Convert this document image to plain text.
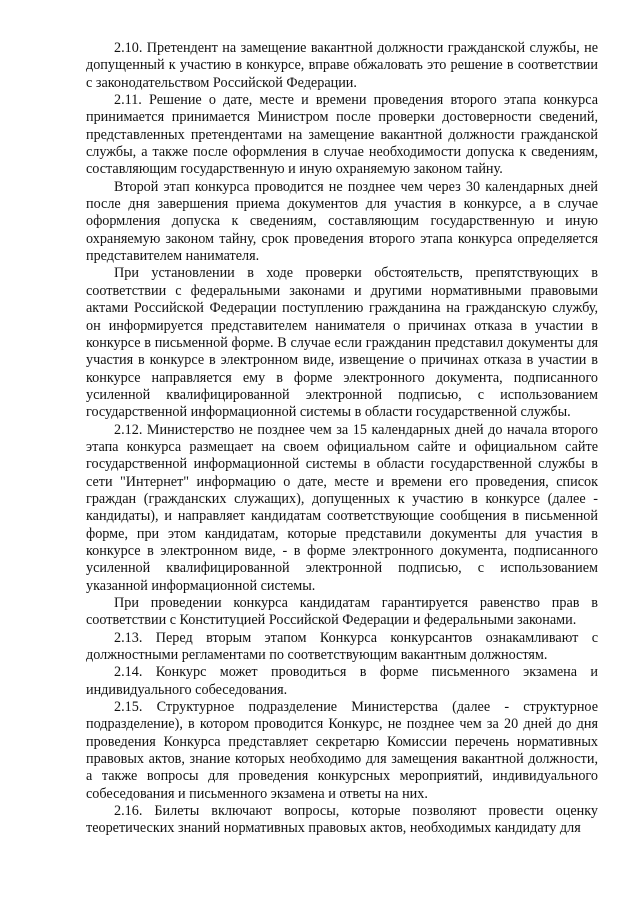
2.10. Претендент на замещение вакантной должности гражданской службы, не допущенный к участию в конкурсе, вправе обжаловать это решение в соответствии с законодательством Российской Федерации.

2.11. Решение о дате, месте и времени проведения второго этапа конкурса принимается принимается Министром после проверки достоверности сведений, представленных претендентами на замещение вакантной должности гражданской службы, а также после оформления в случае необходимости допуска к сведениям, составляющим государственную и иную охраняемую законом тайну.

Второй этап конкурса проводится не позднее чем через 30 календарных дней после дня завершения приема документов для участия в конкурсе, а в случае оформления допуска к сведениям, составляющим государственную и иную охраняемую законом тайну, срок проведения второго этапа конкурса определяется представителем нанимателя.

При установлении в ходе проверки обстоятельств, препятствующих в соответствии с федеральными законами и другими нормативными правовыми актами Российской Федерации поступлению гражданина на гражданскую службу, он информируется представителем нанимателя о причинах отказа в участии в конкурсе в письменной форме. В случае если гражданин представил документы для участия в конкурсе в электронном виде, извещение о причинах отказа в участии в конкурсе направляется ему в форме электронного документа, подписанного усиленной квалифицированной электронной подписью, с использованием государственной информационной системы в области государственной службы.

2.12. Министерство не позднее чем за 15 календарных дней до начала второго этапа конкурса размещает на своем официальном сайте и официальном сайте государственной информационной системы в области государственной службы в сети "Интернет" информацию о дате, месте и времени его проведения, список граждан (гражданских служащих), допущенных к участию в конкурсе (далее - кандидаты), и направляет кандидатам соответствующие сообщения в письменной форме, при этом кандидатам, которые представили документы для участия в конкурсе в электронном виде, - в форме электронного документа, подписанного усиленной квалифицированной электронной подписью, с использованием указанной информационной системы.

При проведении конкурса кандидатам гарантируется равенство прав в соответствии с Конституцией Российской Федерации и федеральными законами.

2.13. Перед вторым этапом Конкурса конкурсантов ознакамливают с должностными регламентами по соответствующим вакантным должностям.

2.14. Конкурс может проводиться в форме письменного экзамена и индивидуального собеседования.

2.15. Структурное подразделение Министерства (далее - структурное подразделение), в котором проводится Конкурс, не позднее чем за 20 дней до дня проведения Конкурса представляет секретарю Комиссии перечень нормативных правовых актов, знание которых необходимо для замещения вакантной должности, а также вопросы для проведения конкурсных мероприятий, индивидуального собеседования и письменного экзамена и ответы на них.

2.16. Билеты включают вопросы, которые позволяют провести оценку теоретических знаний нормативных правовых актов, необходимых кандидату для
